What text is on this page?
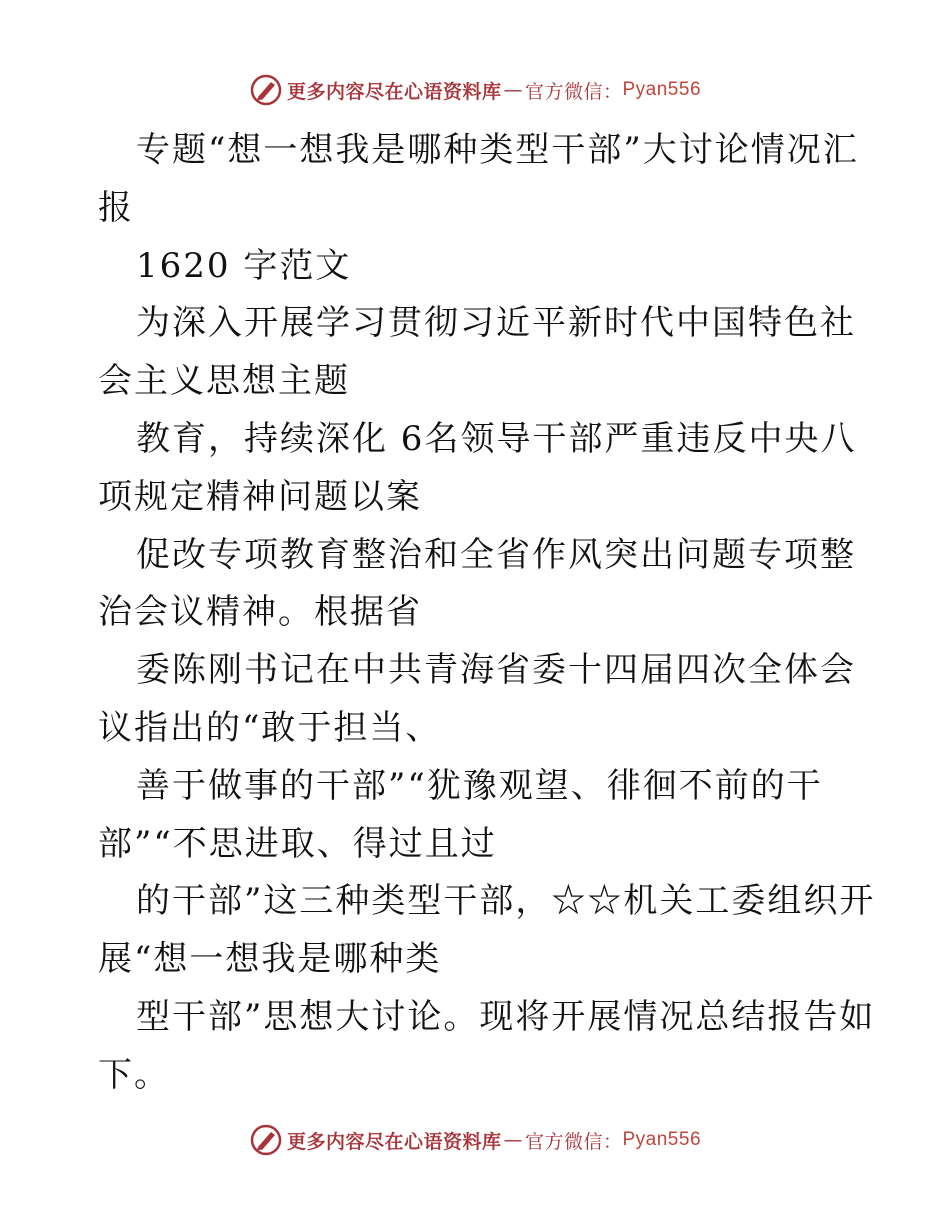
更多内容尽在心语资料库 — 官方微信： Pyan556

专题“想一想我是哪种类型干部”大讨论情况汇报

1620 字范文

为深入开展学习贯彻习近平新时代中国特色社会主义思想主题

教育，持续深化 6名领导干部严重违反中央八项规定精神问题以案

促改专项教育整治和全省作风突出问题专项整治会议精神。根据省

委陈刚书记在中共青海省委十四届四次全体会议指出的“敢于担当、

善于做事的干部”“犹豫观望、徘徊不前的干部”“不思进取、得过且过

的干部”这三种类型干部，☆☆机关工委组织开展“想一想我是哪种类

型干部”思想大讨论。现将开展情况总结报告如下。

更多内容尽在心语资料库 — 官方微信： Pyan556
